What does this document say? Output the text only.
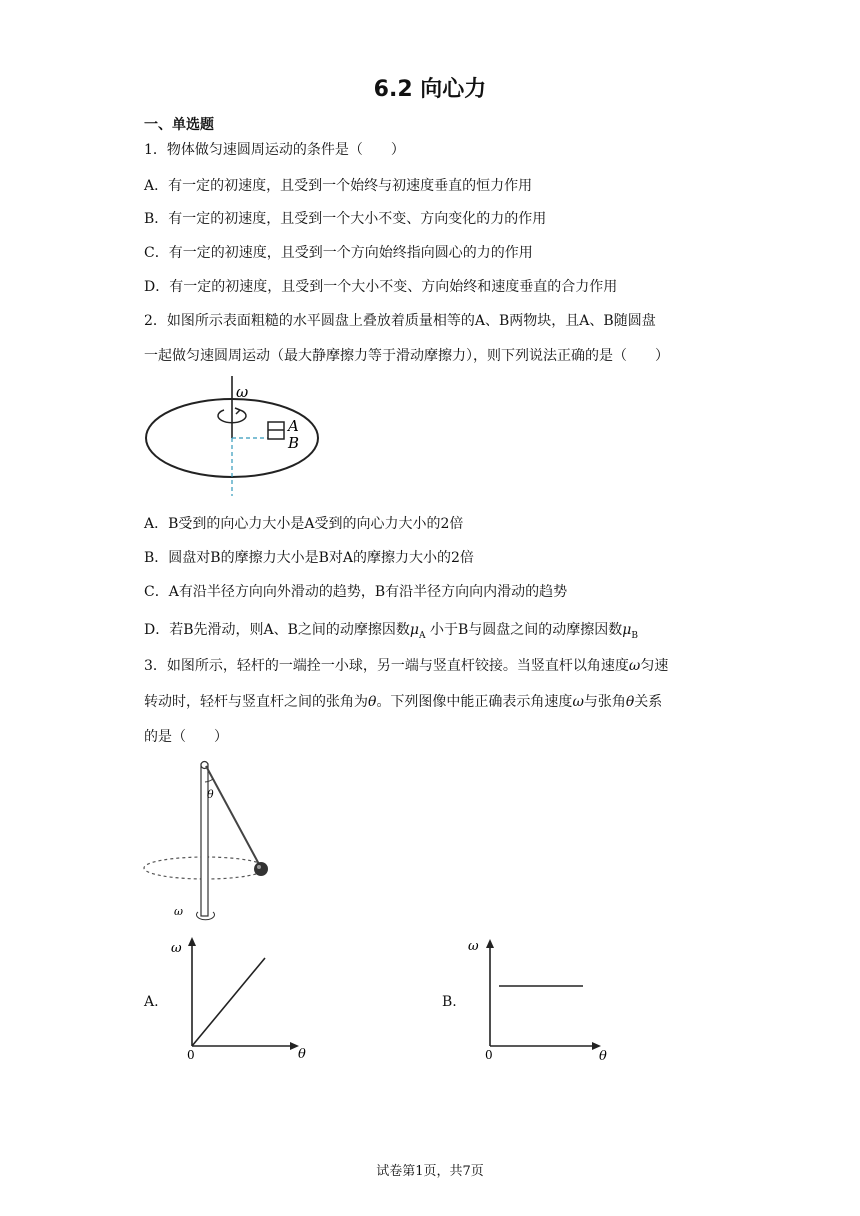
6.2 向心力
一、单选题
1．物体做匀速圆周运动的条件是（　　）
A．有一定的初速度，且受到一个始终与初速度垂直的恒力作用
B．有一定的初速度，且受到一个大小不变、方向变化的力的作用
C．有一定的初速度，且受到一个方向始终指向圆心的力的作用
D．有一定的初速度，且受到一个大小不变、方向始终和速度垂直的合力作用
2．如图所示表面粗糙的水平圆盘上叠放着质量相等的A、B两物块，且A、B随圆盘
一起做匀速圆周运动（最大静摩擦力等于滑动摩擦力），则下列说法正确的是（　　）
ω
A
B
A．B受到的向心力大小是A受到的向心力大小的2倍
B．圆盘对B的摩擦力大小是B对A的摩擦力大小的2倍
C．A有沿半径方向向外滑动的趋势，B有沿半径方向向内滑动的趋势
D．若B先滑动，则A、B之间的动摩擦因数$\mu_A$ 小于B与圆盘之间的动摩擦因数$\mu_B$
3．如图所示，轻杆的一端拴一小球，另一端与竖直杆铰接。当竖直杆以角速度ω匀速
转动时，轻杆与竖直杆之间的张角为θ。下列图像中能正确表示角速度ω与张角θ关系
的是（　　）
θ
ω
A.
ω
θ
0
B.
ω
θ
0
试卷第1页，共7页
